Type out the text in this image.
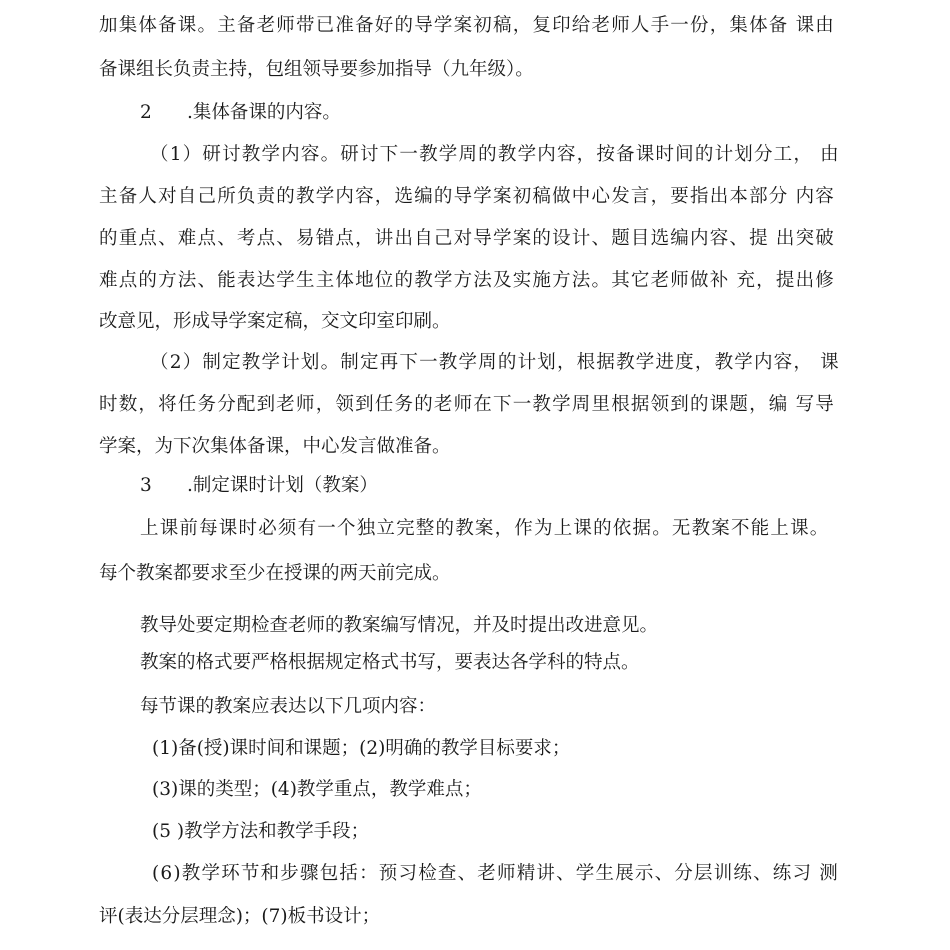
加集体备课。主备老师带已准备好的导学案初稿，复印给老师人手一份，集体备 课由
备课组长负责主持，包组领导要参加指导（九年级）。
2      .集体备课的内容。
（1）研讨教学内容。研讨下一教学周的教学内容，按备课时间的计划分工， 由
主备人对自己所负责的教学内容，选编的导学案初稿做中心发言，要指出本部分 内容
的重点、难点、考点、易错点，讲出自己对导学案的设计、题目选编内容、提 出突破
难点的方法、能表达学生主体地位的教学方法及实施方法。其它老师做补 充，提出修
改意见，形成导学案定稿，交文印室印刷。
（2）制定教学计划。制定再下一教学周的计划，根据教学进度，教学内容， 课
时数，将任务分配到老师，领到任务的老师在下一教学周里根据领到的课题，编 写导
学案，为下次集体备课，中心发言做准备。
3      .制定课时计划（教案）
上课前每课时必须有一个独立完整的教案，作为上课的依据。无教案不能上课。
每个教案都要求至少在授课的两天前完成。
教导处要定期检查老师的教案编写情况，并及时提出改进意见。
教案的格式要严格根据规定格式书写，要表达各学科的特点。
每节课的教案应表达以下几项内容：
(1)备(授)课时间和课题；(2)明确的教学目标要求；
(3)课的类型；(4)教学重点，教学难点；
(5 )教学方法和教学手段；
(6)教学环节和步骤包括：预习检查、老师精讲、学生展示、分层训练、练习 测
评(表达分层理念)；(7)板书设计；
